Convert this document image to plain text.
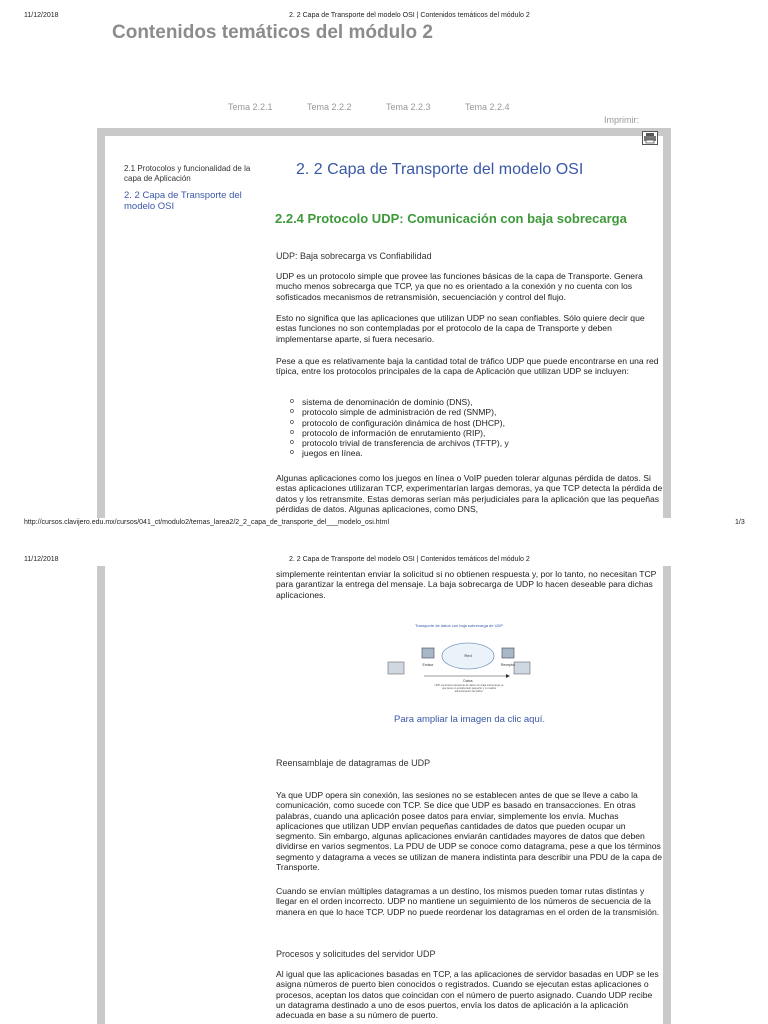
11/12/2018	2. 2 Capa de Transporte del modelo OSI | Contenidos temáticos del módulo 2
Contenidos temáticos del módulo 2
Tema 2.2.1	Tema 2.2.2	Tema 2.2.3	Tema 2.2.4
Imprimir:
2.1 Protocolos y funcionalidad de la capa de Aplicación
2. 2 Capa de Transporte del modelo OSI
2. 2 Capa de Transporte del modelo OSI
2.2.4 Protocolo UDP: Comunicación con baja sobrecarga
UDP: Baja sobrecarga vs Confiabilidad
UDP es un protocolo simple que provee las funciones básicas de la capa de Transporte. Genera mucho menos sobrecarga que TCP, ya que no es orientado a la conexión y no cuenta con los sofisticados mecanismos de retransmisión, secuenciación y control del flujo.
Esto no significa que las aplicaciones que utilizan UDP no sean confiables. Sólo quiere decir que estas funciones no son contempladas por el protocolo de la capa de Transporte y deben implementarse aparte, si fuera necesario.
Pese a que es relativamente baja la cantidad total de tráfico UDP que puede encontrarse en una red típica, entre los protocolos principales de la capa de Aplicación que utilizan UDP se incluyen:
o sistema de denominación de dominio (DNS),
o protocolo simple de administración de red (SNMP),
o protocolo de configuración dinámica de host (DHCP),
o protocolo de información de enrutamiento (RIP),
o protocolo trivial de transferencia de archivos (TFTP), y
o juegos en línea.
Algunas aplicaciones como los juegos en línea o VoIP pueden tolerar algunas pérdida de datos. Si estas aplicaciones utilizaran TCP, experimentarían largas demoras, ya que TCP detecta la pérdida de datos y los retransmite. Estas demoras serían más perjudiciales para la aplicación que las pequeñas pérdidas de datos. Algunas aplicaciones, como DNS,
http://cursos.clavijero.edu.mx/cursos/041_ct/modulo2/temas_larea2/2_2_capa_de_transporte_del___modelo_osi.html	1/3
11/12/2018	2. 2 Capa de Transporte del modelo OSI | Contenidos temáticos del módulo 2
simplemente reintentan enviar la solicitud si no obtienen respuesta y, por lo tanto, no necesitan TCP para garantizar la entrega del mensaje. La baja sobrecarga de UDP lo hacen deseable para dichas aplicaciones.
Transporte de datos con baja sobrecarga de UDP
Red
Emisor	Receptor
Datos
UDP suministra transporte de datos con baja sobrecarga ya que tiene un encabezado pequeño y no realiza administración de tráfico.
Para ampliar la imagen da clic aquí.
Reensamblaje de datagramas de UDP
Ya que UDP opera sin conexión, las sesiones no se establecen antes de que se lleve a cabo la comunicación, como sucede con TCP. Se dice que UDP es basado en transacciones. En otras palabras, cuando una aplicación posee datos para enviar, simplemente los envía. Muchas aplicaciones que utilizan UDP envían pequeñas cantidades de datos que pueden ocupar un segmento. Sin embargo, algunas aplicaciones enviarán cantidades mayores de datos que deben dividirse en varios segmentos. La PDU de UDP se conoce como datagrama, pese a que los términos segmento y datagrama a veces se utilizan de manera indistinta para describir una PDU de la capa de Transporte.
Cuando se envían múltiples datagramas a un destino, los mismos pueden tomar rutas distintas y llegar en el orden incorrecto. UDP no mantiene un seguimiento de los números de secuencia de la manera en que lo hace TCP. UDP no puede reordenar los datagramas en el orden de la transmisión.
Procesos y solicitudes del servidor UDP
Al igual que las aplicaciones basadas en TCP, a las aplicaciones de servidor basadas en UDP se les asigna números de puerto bien conocidos o registrados. Cuando se ejecutan estas aplicaciones o procesos, aceptan los datos que coincidan con el número de puerto asignado. Cuando UDP recibe un datagrama destinado a uno de esos puertos, envía los datos de aplicación a la aplicación adecuada en base a su número de puerto.
